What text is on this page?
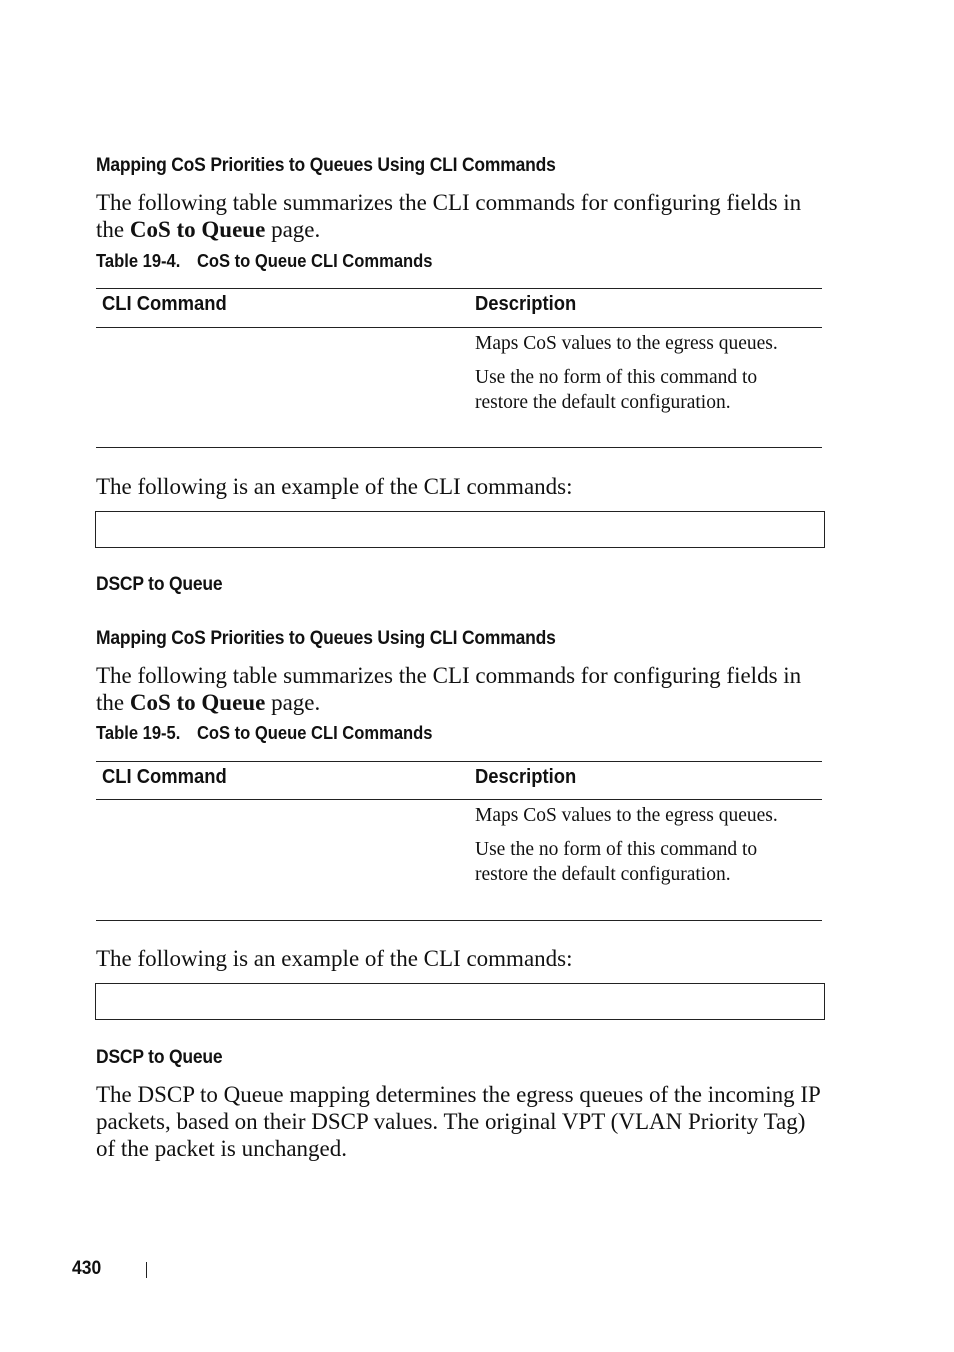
Mapping CoS Priorities to Queues Using CLI Commands
The following table summarizes the CLI commands for configuring fields in the CoS to Queue page.
Table 19-4. CoS to Queue CLI Commands
CLI Command	Description
Maps CoS values to the egress queues.
Use the no form of this command to restore the default configuration.
The following is an example of the CLI commands:
DSCP to Queue
Mapping CoS Priorities to Queues Using CLI Commands
The following table summarizes the CLI commands for configuring fields in the CoS to Queue page.
Table 19-5. CoS to Queue CLI Commands
CLI Command	Description
Maps CoS values to the egress queues.
Use the no form of this command to restore the default configuration.
The following is an example of the CLI commands:
DSCP to Queue
The DSCP to Queue mapping determines the egress queues of the incoming IP packets, based on their DSCP values. The original VPT (VLAN Priority Tag) of the packet is unchanged.
430
